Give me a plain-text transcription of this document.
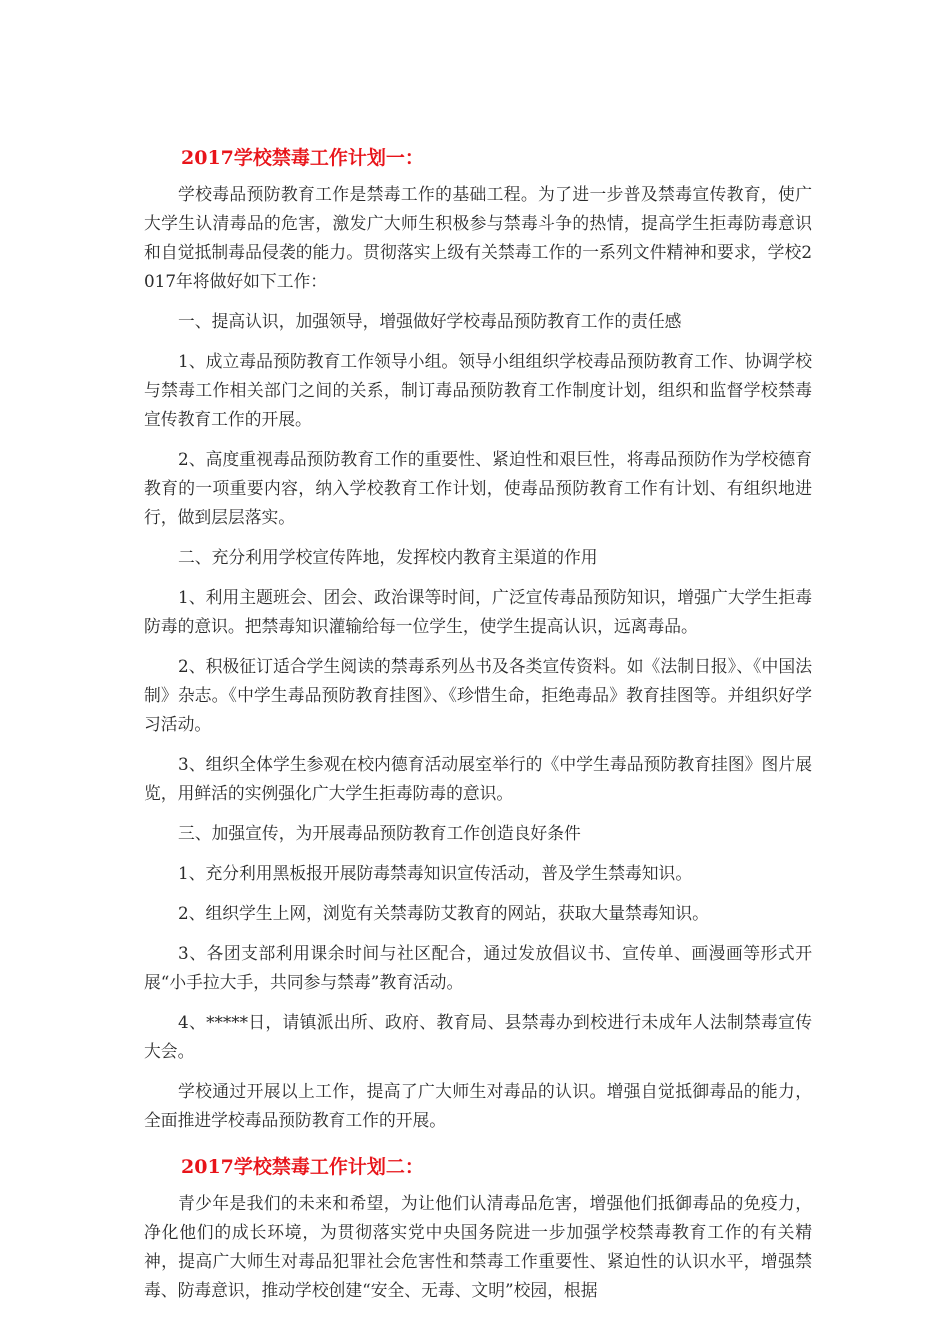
2017学校禁毒工作计划一：

学校毒品预防教育工作是禁毒工作的基础工程。为了进一步普及禁毒宣传教育，使广大学生认清毒品的危害，激发广大师生积极参与禁毒斗争的热情，提高学生拒毒防毒意识和自觉抵制毒品侵袭的能力。贯彻落实上级有关禁毒工作的一系列文件精神和要求，学校2017年将做好如下工作：

一、提高认识，加强领导，增强做好学校毒品预防教育工作的责任感

1、成立毒品预防教育工作领导小组。领导小组组织学校毒品预防教育工作、协调学校与禁毒工作相关部门之间的关系，制订毒品预防教育工作制度计划，组织和监督学校禁毒宣传教育工作的开展。

2、高度重视毒品预防教育工作的重要性、紧迫性和艰巨性，将毒品预防作为学校德育教育的一项重要内容，纳入学校教育工作计划，使毒品预防教育工作有计划、有组织地进行，做到层层落实。

二、充分利用学校宣传阵地，发挥校内教育主渠道的作用

1、利用主题班会、团会、政治课等时间，广泛宣传毒品预防知识，增强广大学生拒毒防毒的意识。把禁毒知识灌输给每一位学生，使学生提高认识，远离毒品。

2、积极征订适合学生阅读的禁毒系列丛书及各类宣传资料。如《法制日报》、《中国法制》杂志。《中学生毒品预防教育挂图》、《珍惜生命，拒绝毒品》教育挂图等。并组织好学习活动。

3、组织全体学生参观在校内德育活动展室举行的《中学生毒品预防教育挂图》图片展览，用鲜活的实例强化广大学生拒毒防毒的意识。

三、加强宣传，为开展毒品预防教育工作创造良好条件

1、充分利用黑板报开展防毒禁毒知识宣传活动，普及学生禁毒知识。

2、组织学生上网，浏览有关禁毒防艾教育的网站，获取大量禁毒知识。

3、各团支部利用课余时间与社区配合，通过发放倡议书、宣传单、画漫画等形式开展“小手拉大手，共同参与禁毒”教育活动。

4、*****日，请镇派出所、政府、教育局、县禁毒办到校进行未成年人法制禁毒宣传大会。

学校通过开展以上工作，提高了广大师生对毒品的认识。增强自觉抵御毒品的能力，全面推进学校毒品预防教育工作的开展。

2017学校禁毒工作计划二：

青少年是我们的未来和希望，为让他们认清毒品危害，增强他们抵御毒品的免疫力，净化他们的成长环境，为贯彻落实党中央国务院进一步加强学校禁毒教育工作的有关精神，提高广大师生对毒品犯罪社会危害性和禁毒工作重要性、紧迫性的认识水平，增强禁毒、防毒意识，推动学校创建“安全、无毒、文明”校园，根据
